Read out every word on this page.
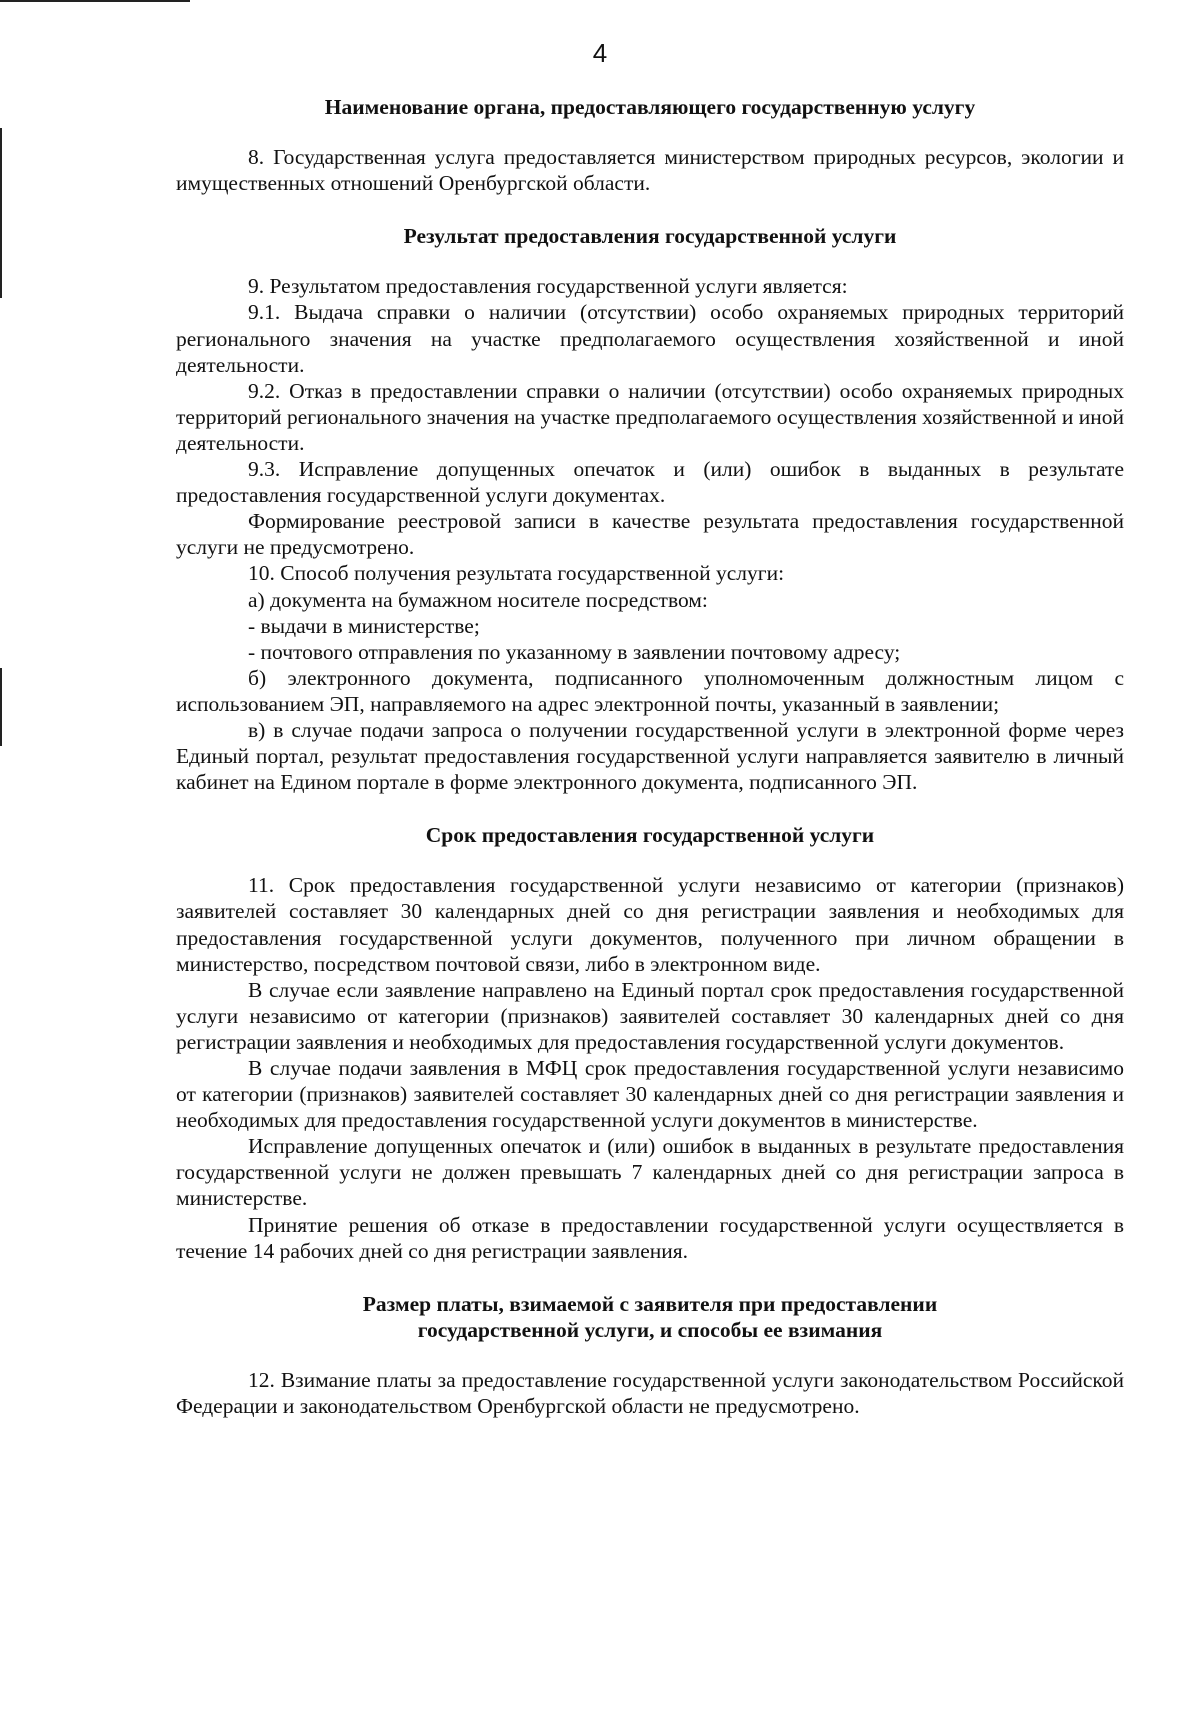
4
Наименование органа, предоставляющего государственную услугу
8. Государственная услуга предоставляется министерством природных ресурсов, экологии и имущественных отношений Оренбургской области.
Результат предоставления государственной услуги
9. Результатом предоставления государственной услуги является:
9.1. Выдача справки о наличии (отсутствии) особо охраняемых природных территорий регионального значения на участке предполагаемого осуществления хозяйственной и иной деятельности.
9.2. Отказ в предоставлении справки о наличии (отсутствии) особо охраняемых природных территорий регионального значения на участке предполагаемого осуществления хозяйственной и иной деятельности.
9.3. Исправление допущенных опечаток и (или) ошибок в выданных в результате предоставления государственной услуги документах.
Формирование реестровой записи в качестве результата предоставления государственной услуги не предусмотрено.
10. Способ получения результата государственной услуги:
а) документа на бумажном носителе посредством:
- выдачи в министерстве;
- почтового отправления по указанному в заявлении почтовому адресу;
б) электронного документа, подписанного уполномоченным должностным лицом с использованием ЭП, направляемого на адрес электронной почты, указанный в заявлении;
в) в случае подачи запроса о получении государственной услуги в электронной форме через Единый портал, результат предоставления государственной услуги направляется заявителю в личный кабинет на Едином портале в форме электронного документа, подписанного ЭП.
Срок предоставления государственной услуги
11. Срок предоставления государственной услуги независимо от категории (признаков) заявителей составляет 30 календарных дней со дня регистрации заявления и необходимых для предоставления государственной услуги документов, полученного при личном обращении в министерство, посредством почтовой связи, либо в электронном виде.
В случае если заявление направлено на Единый портал срок предоставления государственной услуги независимо от категории (признаков) заявителей составляет 30 календарных дней со дня регистрации заявления и необходимых для предоставления государственной услуги документов.
В случае подачи заявления в МФЦ срок предоставления государственной услуги независимо от категории (признаков) заявителей составляет 30 календарных дней со дня регистрации заявления и необходимых для предоставления государственной услуги документов в министерстве.
Исправление допущенных опечаток и (или) ошибок в выданных в результате предоставления государственной услуги не должен превышать 7 календарных дней со дня регистрации запроса в министерстве.
Принятие решения об отказе в предоставлении государственной услуги осуществляется в течение 14 рабочих дней со дня регистрации заявления.
Размер платы, взимаемой с заявителя при предоставлении
государственной услуги, и способы ее взимания
12. Взимание платы за предоставление государственной услуги законодательством Российской Федерации и законодательством Оренбургской области не предусмотрено.
